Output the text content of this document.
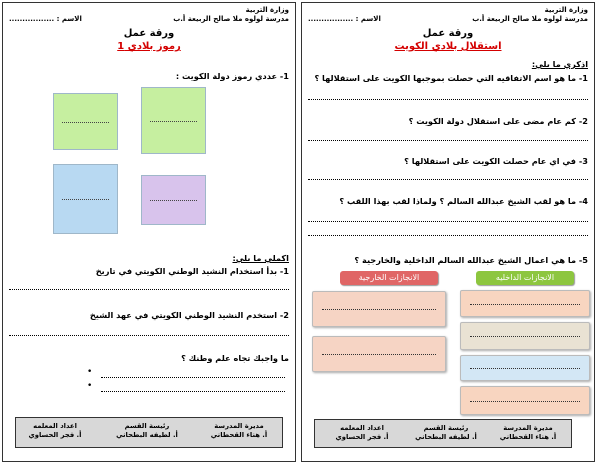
وزارة التربية
مدرسة لولوه ملا صالح الربيعة أ.ب
الاسم : .................
ورقة عمل
رموز بلادي 1
1- عددي رموز دولة الكويت :
اكملي ما يلي:
1- بدأ استخدام النشيد الوطني الكويتي في تاريخ
2- استخدم النشيد الوطني الكويتي في عهد الشيخ
ما واجبك تجاه علم وطنك ؟
•
•
مديرة المدرسة
أ. هناء القحطاني
رئيسة القسم
أ. لطيفه البطحاني
اعداد المعلمه
أ. فجر الحساوي
وزارة التربية
مدرسة لولوه ملا صالح الربيعة أ.ب
الاسم : .................
ورقة عمل
استقلال بلادي الكويت
اذكري ما يلي:
1- ما هو اسم الاتفاقيه التي حصلت بموجبها الكويت على استقلالها ؟
2- كم عام مضى على استقلال دولة الكويت ؟
3- في اي عام حصلت الكويت على استقلالها ؟
4- ما هو لقب الشيخ عبدالله السالم ؟ ولماذا لقب بهذا اللقب ؟
5- ما هي اعمال الشيخ عبدالله السالم الداخلية والخارجية ؟
الانجازات الداخليه
الانجازات الخارجية
مديرة المدرسة
أ. هناء القحطاني
رئيسة القسم
أ. لطيفه البطحاني
اعداد المعلمه
أ. فجر الحساوي
